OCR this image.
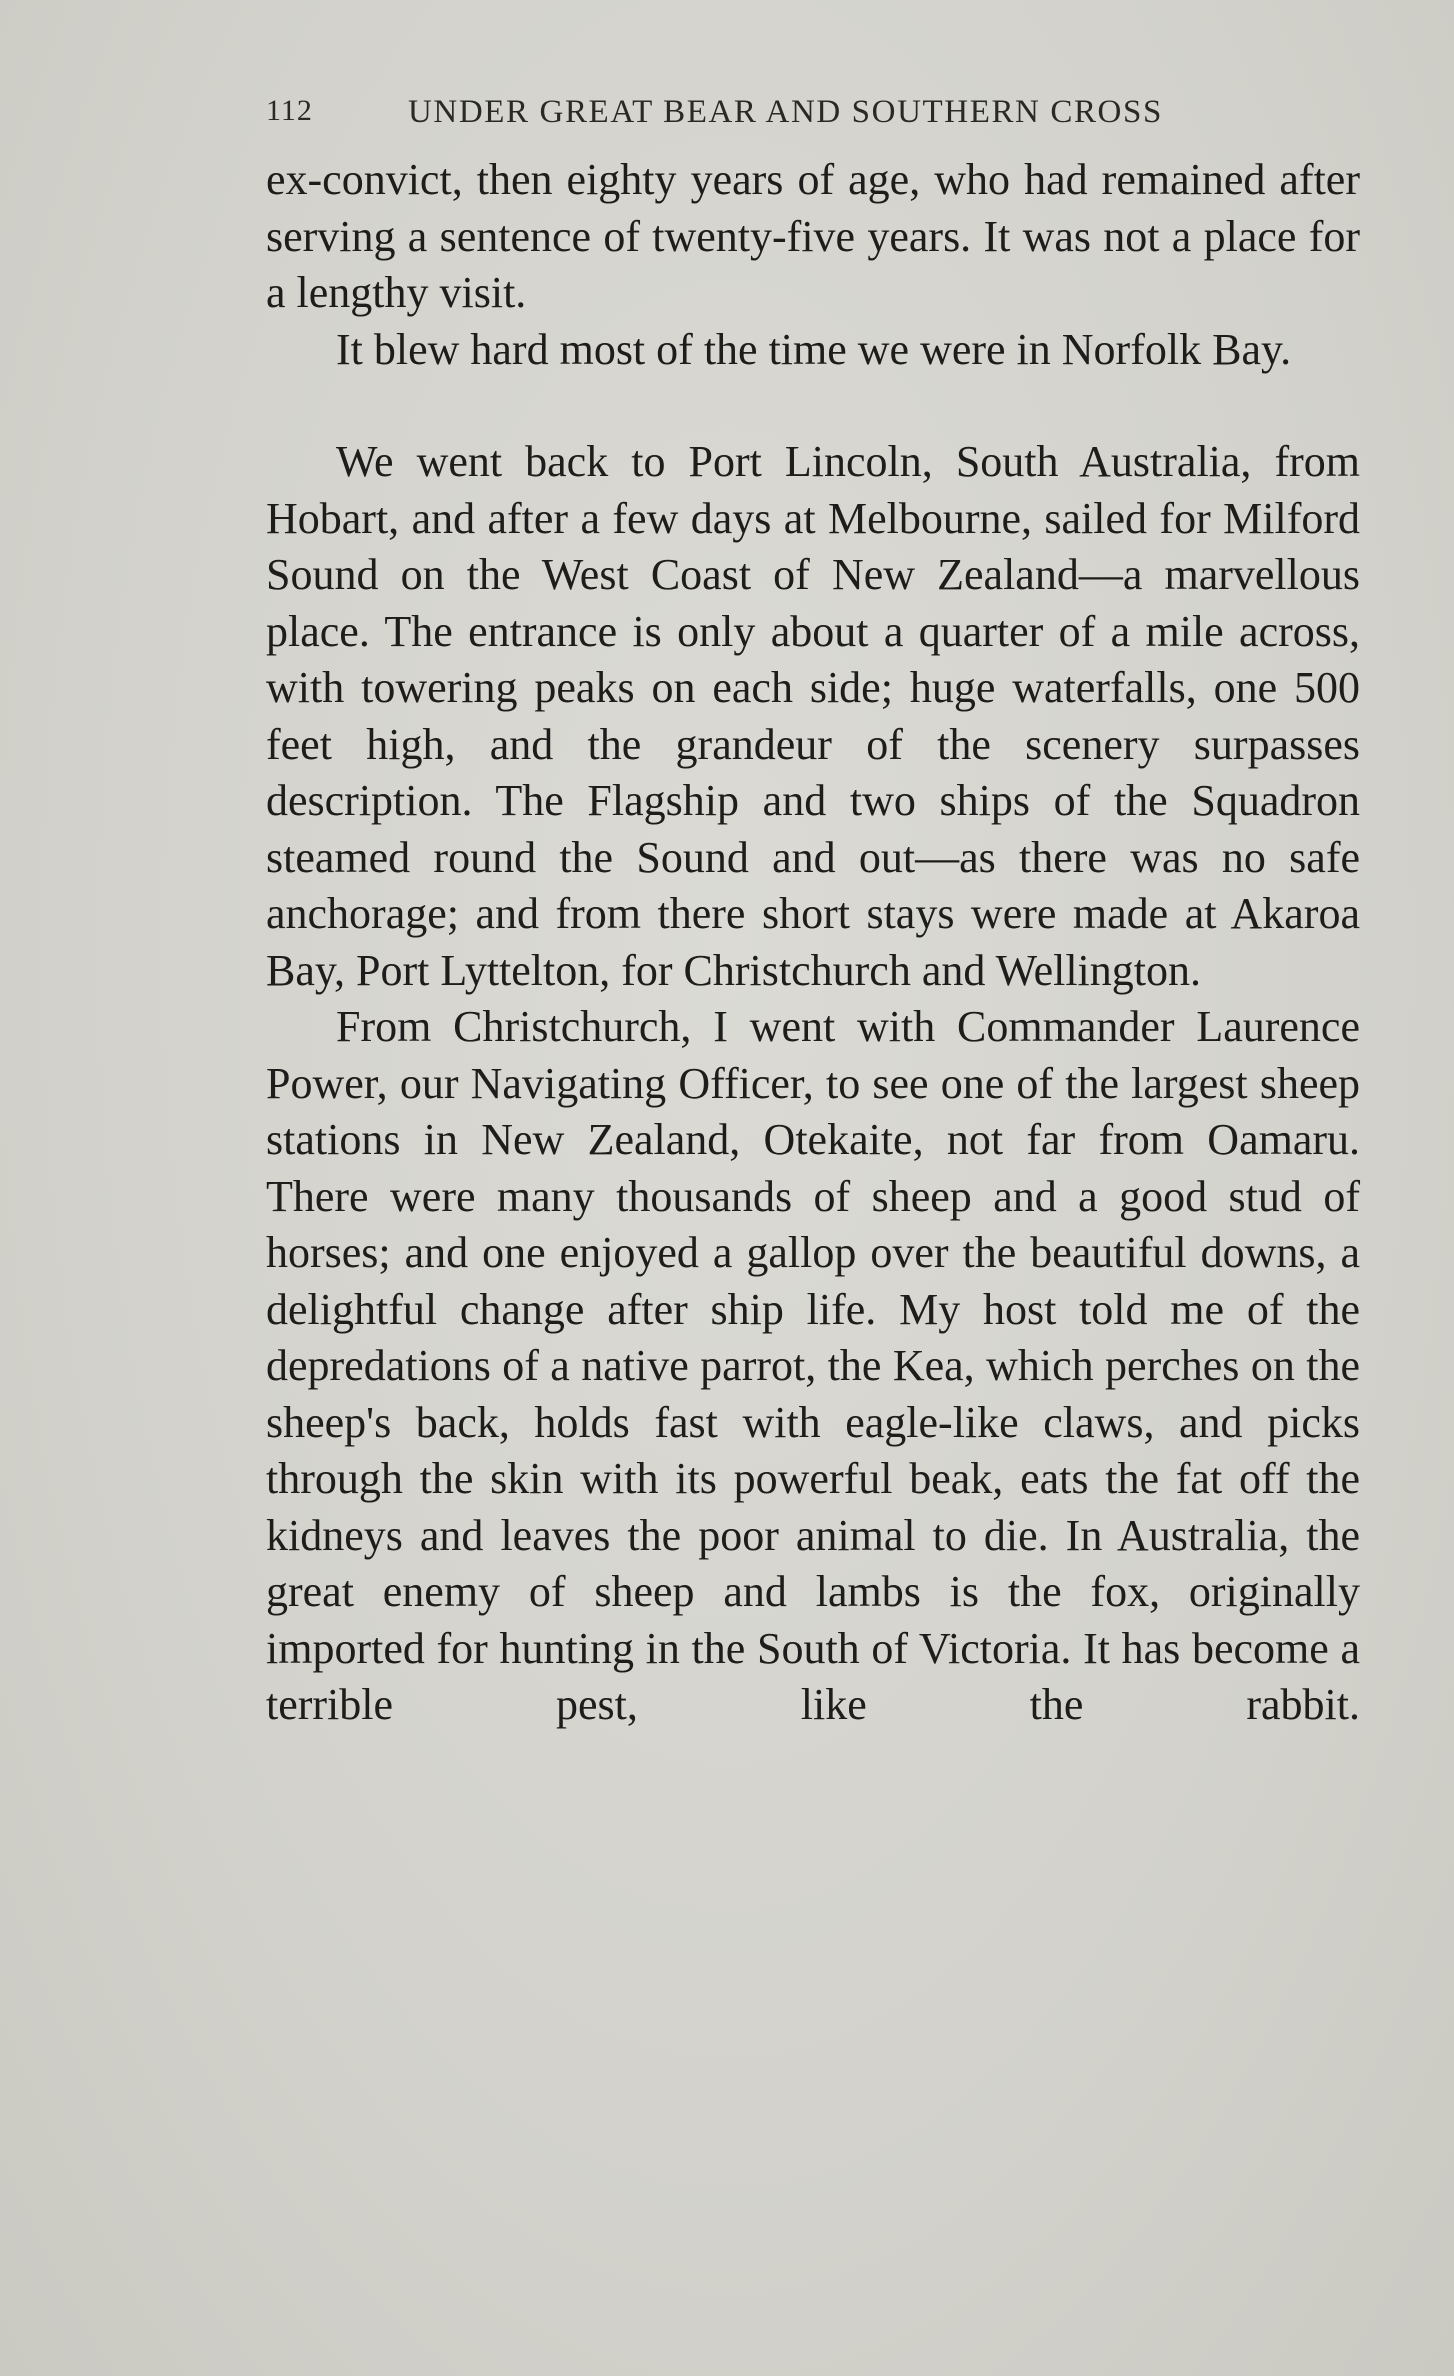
112	UNDER GREAT BEAR AND SOUTHERN CROSS

ex-convict, then eighty years of age, who had remained after serving a sentence of twenty-five years. It was not a place for a lengthy visit.

It blew hard most of the time we were in Norfolk Bay.

We went back to Port Lincoln, South Australia, from Hobart, and after a few days at Melbourne, sailed for Milford Sound on the West Coast of New Zealand—a marvellous place. The entrance is only about a quarter of a mile across, with towering peaks on each side; huge waterfalls, one 500 feet high, and the grandeur of the scenery surpasses description. The Flagship and two ships of the Squadron steamed round the Sound and out—as there was no safe anchorage; and from there short stays were made at Akaroa Bay, Port Lyttelton, for Christchurch and Wellington.

From Christchurch, I went with Commander Laurence Power, our Navigating Officer, to see one of the largest sheep stations in New Zealand, Otekaite, not far from Oamaru. There were many thousands of sheep and a good stud of horses; and one enjoyed a gallop over the beautiful downs, a delightful change after ship life. My host told me of the depredations of a native parrot, the Kea, which perches on the sheep's back, holds fast with eagle-like claws, and picks through the skin with its powerful beak, eats the fat off the kidneys and leaves the poor animal to die. In Australia, the great enemy of sheep and lambs is the fox, originally imported for hunting in the South of Victoria. It has become a terrible pest, like the rabbit.
